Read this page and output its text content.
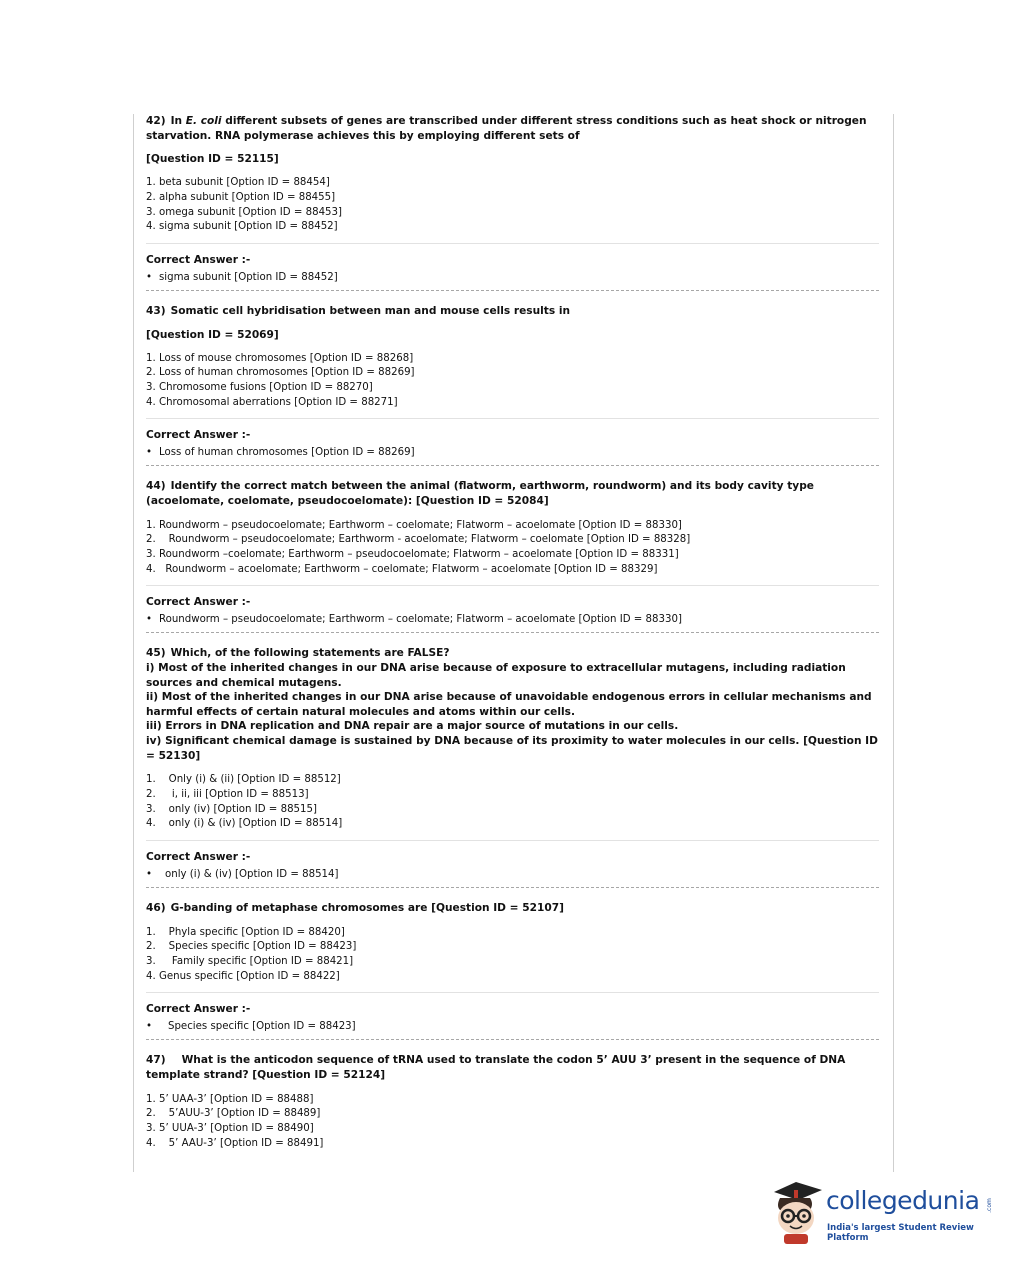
42) In E. coli different subsets of genes are transcribed under different stress conditions such as heat shock or nitrogen starvation. RNA polymerase achieves this by employing different sets of

[Question ID = 52115]

1. beta subunit [Option ID = 88454]
2. alpha subunit [Option ID = 88455]
3. omega subunit [Option ID = 88453]
4. sigma subunit [Option ID = 88452]
Correct Answer :-
• sigma subunit [Option ID = 88452]

43) Somatic cell hybridisation between man and mouse cells results in

[Question ID = 52069]

1. Loss of mouse chromosomes [Option ID = 88268]
2. Loss of human chromosomes [Option ID = 88269]
3. Chromosome fusions [Option ID = 88270]
4. Chromosomal aberrations [Option ID = 88271]
Correct Answer :-
• Loss of human chromosomes [Option ID = 88269]

44) Identify the correct match between the animal (flatworm, earthworm, roundworm) and its body cavity type (acoelomate, coelomate, pseudocoelomate): [Question ID = 52084]

1. Roundworm – pseudocoelomate; Earthworm – coelomate; Flatworm – acoelomate [Option ID = 88330]
2.    Roundworm – pseudocoelomate; Earthworm - acoelomate; Flatworm – coelomate [Option ID = 88328]
3. Roundworm –coelomate; Earthworm – pseudocoelomate; Flatworm – acoelomate [Option ID = 88331]
4.   Roundworm – acoelomate; Earthworm – coelomate; Flatworm – acoelomate [Option ID = 88329]
Correct Answer :-
• Roundworm – pseudocoelomate; Earthworm – coelomate; Flatworm – acoelomate [Option ID = 88330]

45) Which, of the following statements are FALSE?

i) Most of the inherited changes in our DNA arise because of exposure to extracellular mutagens, including radiation sources and chemical mutagens.

ii) Most of the inherited changes in our DNA arise because of unavoidable endogenous errors in cellular mechanisms and harmful effects of certain natural molecules and atoms within our cells.

iii) Errors in DNA replication and DNA repair are a major source of mutations in our cells.

iv) Significant chemical damage is sustained by DNA because of its proximity to water molecules in our cells. [Question ID = 52130]

1.    Only (i) & (ii) [Option ID = 88512]
2.     i, ii, iii [Option ID = 88513]
3.    only (iv) [Option ID = 88515]
4.    only (i) & (iv) [Option ID = 88514]
Correct Answer :-
• only (i) & (iv) [Option ID = 88514]

46) G-banding of metaphase chromosomes are [Question ID = 52107]

1.    Phyla specific [Option ID = 88420]
2.    Species specific [Option ID = 88423]
3.     Family specific [Option ID = 88421]
4. Genus specific [Option ID = 88422]
Correct Answer :-
• Species specific [Option ID = 88423]

47) What is the anticodon sequence of tRNA used to translate the codon 5’ AUU 3’ present in the sequence of DNA template strand? [Question ID = 52124]

1. 5’ UAA-3’ [Option ID = 88488]
2.    5’AUU-3’ [Option ID = 88489]
3. 5’ UUA-3’ [Option ID = 88490]
4.    5’ AAU-3’ [Option ID = 88491]
collegedunia .com
India's largest Student Review Platform
